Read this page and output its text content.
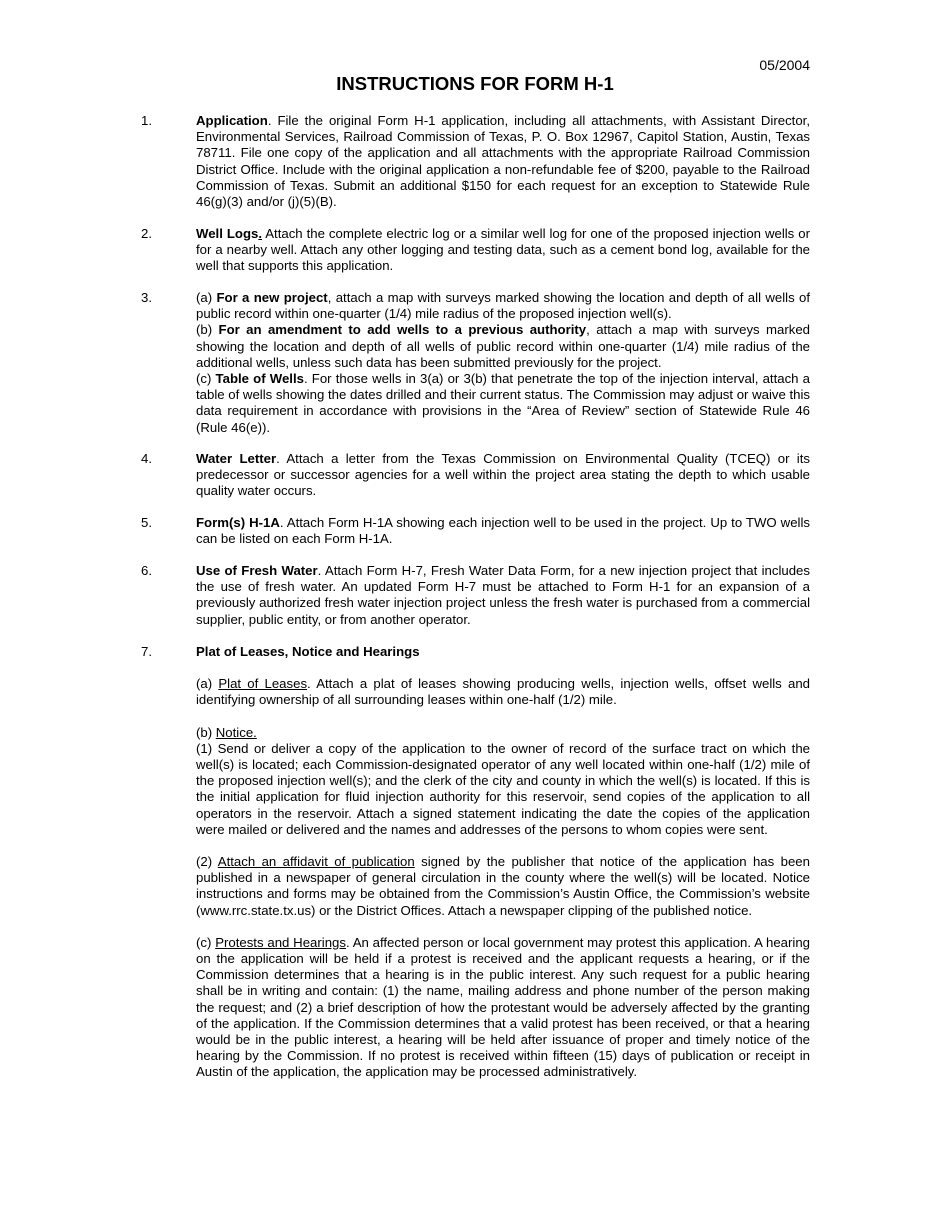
05/2004
INSTRUCTIONS FOR FORM H-1
1.	Application. File the original Form H-1 application, including all attachments, with Assistant Director, Environmental Services, Railroad Commission of Texas, P. O. Box 12967, Capitol Station, Austin, Texas 78711. File one copy of the application and all attachments with the appropriate Railroad Commission District Office. Include with the original application a non-refundable fee of $200, payable to the Railroad Commission of Texas. Submit an additional $150 for each request for an exception to Statewide Rule 46(g)(3) and/or (j)(5)(B).
2.	Well Logs. Attach the complete electric log or a similar well log for one of the proposed injection wells or for a nearby well. Attach any other logging and testing data, such as a cement bond log, available for the well that supports this application.
3.	(a) For a new project, attach a map with surveys marked showing the location and depth of all wells of public record within one-quarter (1/4) mile radius of the proposed injection well(s).

(b) For an amendment to add wells to a previous authority, attach a map with surveys marked showing the location and depth of all wells of public record within one-quarter (1/4) mile radius of the additional wells, unless such data has been submitted previously for the project.

(c) Table of Wells. For those wells in 3(a) or 3(b) that penetrate the top of the injection interval, attach a table of wells showing the dates drilled and their current status. The Commission may adjust or waive this data requirement in accordance with provisions in the “Area of Review” section of Statewide Rule 46 (Rule 46(e)).

4.	Water Letter. Attach a letter from the Texas Commission on Environmental Quality (TCEQ) or its predecessor or successor agencies for a well within the project area stating the depth to which usable quality water occurs.
5.	Form(s) H-1A. Attach Form H-1A showing each injection well to be used in the project. Up to TWO wells can be listed on each Form H-1A.
6.	Use of Fresh Water. Attach Form H-7, Fresh Water Data Form, for a new injection project that includes the use of fresh water. An updated Form H-7 must be attached to Form H-1 for an expansion of a previously authorized fresh water injection project unless the fresh water is purchased from a commercial supplier, public entity, or from another operator.
7.	Plat of Leases, Notice and Hearings

(a) Plat of Leases. Attach a plat of leases showing producing wells, injection wells, offset wells and identifying ownership of all surrounding leases within one-half (1/2) mile.

(b) Notice.

(1) Send or deliver a copy of the application to the owner of record of the surface tract on which the well(s) is located; each Commission-designated operator of any well located within one-half (1/2) mile of the proposed injection well(s); and the clerk of the city and county in which the well(s) is located. If this is the initial application for fluid injection authority for this reservoir, send copies of the application to all operators in the reservoir. Attach a signed statement indicating the date the copies of the application were mailed or delivered and the names and addresses of the persons to whom copies were sent.

(2) Attach an affidavit of publication signed by the publisher that notice of the application has been published in a newspaper of general circulation in the county where the well(s) will be located. Notice instructions and forms may be obtained from the Commission’s Austin Office, the Commission’s website (www.rrc.state.tx.us) or the District Offices. Attach a newspaper clipping of the published notice.

(c) Protests and Hearings. An affected person or local government may protest this application. A hearing on the application will be held if a protest is received and the applicant requests a hearing, or if the Commission determines that a hearing is in the public interest. Any such request for a public hearing shall be in writing and contain: (1) the name, mailing address and phone number of the person making the request; and (2) a brief description of how the protestant would be adversely affected by the granting of the application. If the Commission determines that a valid protest has been received, or that a hearing would be in the public interest, a hearing will be held after issuance of proper and timely notice of the hearing by the Commission. If no protest is received within fifteen (15) days of publication or receipt in Austin of the application, the application may be processed administratively.
